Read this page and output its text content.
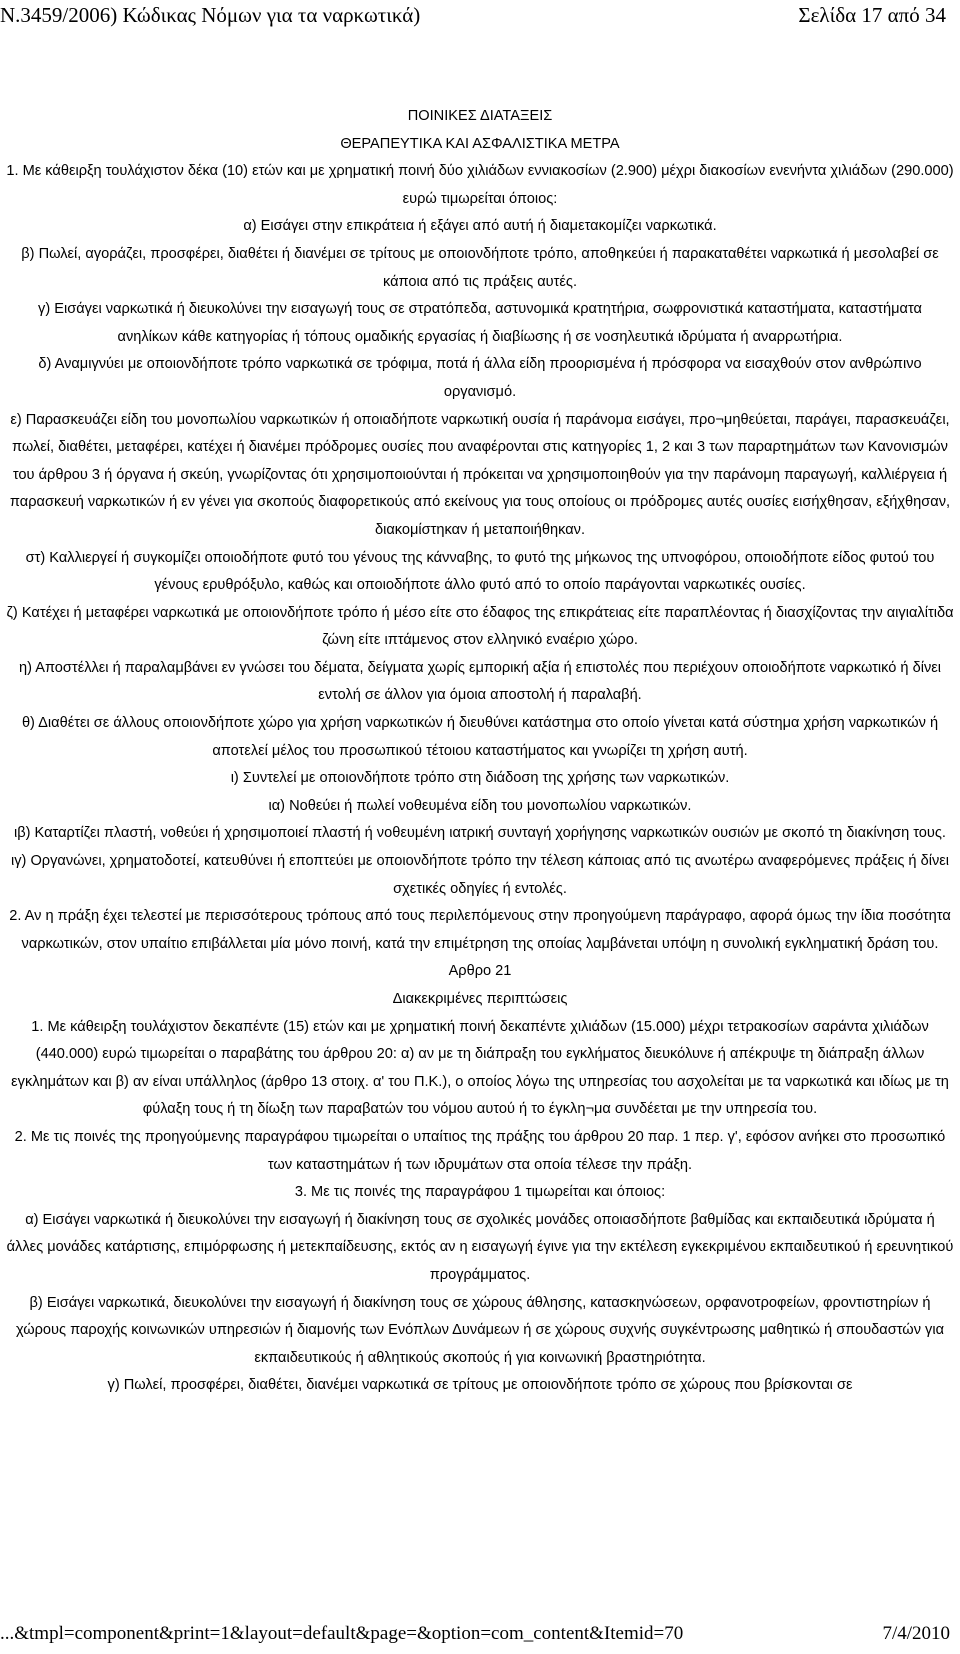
Ν.3459/2006) Κώδικας Νόμων για τα ναρκωτικά)	Σελίδα 17 από 34

ΠΟΙΝΙΚΕΣ ΔΙΑΤΑΞΕΙΣ

ΘΕΡΑΠΕΥΤΙΚΑ ΚΑΙ ΑΣΦΑΛΙΣΤΙΚΑ ΜΕΤΡΑ

1. Με κάθειρξη τουλάχιστον δέκα (10) ετών και με χρηματική ποινή δύο χιλιάδων εννιακοσίων (2.900) μέχρι διακοσίων ενενήντα χιλιάδων (290.000) ευρώ τιμωρείται όποιος:

α) Εισάγει στην επικράτεια ή εξάγει από αυτή ή διαμετακομίζει ναρκωτικά.

β) Πωλεί, αγοράζει, προσφέρει, διαθέτει ή διανέμει σε τρίτους με οποιονδήποτε τρόπο, αποθηκεύει ή παρακαταθέτει ναρκωτικά ή μεσολαβεί σε κάποια από τις πράξεις αυτές.

γ) Εισάγει ναρκωτικά ή διευκολύνει την εισαγωγή τους σε στρατόπεδα, αστυνομικά κρατητήρια, σωφρονιστικά καταστήματα, καταστήματα ανηλίκων κάθε κατηγορίας ή τόπους ομαδικής εργασίας ή διαβίωσης ή σε νοσηλευτικά ιδρύματα ή αναρρωτήρια.

δ) Αναμιγνύει με οποιονδήποτε τρόπο ναρκωτικά σε τρόφιμα, ποτά ή άλλα είδη προορισμένα ή πρόσφορα να εισαχθούν στον ανθρώπινο οργανισμό.

ε) Παρασκευάζει είδη του μονοπωλίου ναρκωτικών ή οποιαδήποτε ναρκωτική ουσία ή παράνομα εισάγει, προ¬μηθεύεται, παράγει, παρασκευάζει, πωλεί, διαθέτει, μεταφέρει, κατέχει ή διανέμει πρόδρομες ουσίες που αναφέρονται στις κατηγορίες 1, 2 και 3 των παραρτημάτων των Κανονισμών του άρθρου 3 ή όργανα ή σκεύη, γνωρίζοντας ότι χρησιμοποιούνται ή πρόκειται να χρησιμοποιηθούν για την παράνομη παραγωγή, καλλιέργεια ή παρασκευή ναρκωτικών ή εν γένει για σκοπούς διαφορετικούς από εκείνους για τους οποίους οι πρόδρομες αυτές ουσίες εισήχθησαν, εξήχθησαν, διακομίστηκαν ή μεταποιήθηκαν.

στ) Καλλιεργεί ή συγκομίζει οποιοδήποτε φυτό του γένους της κάνναβης, το φυτό της μήκωνος της υπνοφόρου, οποιοδήποτε είδος φυτού του γένους ερυθρόξυλο, καθώς και οποιοδήποτε άλλο φυτό από το οποίο παράγονται ναρκωτικές ουσίες.

ζ) Κατέχει ή μεταφέρει ναρκωτικά με οποιονδήποτε τρόπο ή μέσο είτε στο έδαφος της επικράτειας είτε παραπλέοντας ή διασχίζοντας την αιγιαλίτιδα ζώνη είτε ιπτάμενος στον ελληνικό εναέριο χώρο.

η) Αποστέλλει ή παραλαμβάνει εν γνώσει του δέματα, δείγματα χωρίς εμπορική αξία ή επιστολές που περιέχουν οποιοδήποτε ναρκωτικό ή δίνει εντολή σε άλλον για όμοια αποστολή ή παραλαβή.

θ) Διαθέτει σε άλλους οποιονδήποτε χώρο για χρήση ναρκωτικών ή διευθύνει κατάστημα στο οποίο γίνεται κατά σύστημα χρήση ναρκωτικών ή αποτελεί μέλος του προσωπικού τέτοιου καταστήματος και γνωρίζει τη χρήση αυτή.

ι) Συντελεί με οποιονδήποτε τρόπο στη διάδοση της χρήσης των ναρκωτικών.

ια) Νοθεύει ή πωλεί νοθευμένα είδη του μονοπωλίου ναρκωτικών.

ιβ) Καταρτίζει πλαστή, νοθεύει ή χρησιμοποιεί πλαστή ή νοθευμένη ιατρική συνταγή χορήγησης ναρκωτικών ουσιών με σκοπό τη διακίνηση τους.

ιγ) Οργανώνει, χρηματοδοτεί, κατευθύνει ή εποπτεύει με οποιονδήποτε τρόπο την τέλεση κάποιας από τις ανωτέρω αναφερόμενες πράξεις ή δίνει σχετικές οδηγίες ή εντολές.

2. Αν η πράξη έχει τελεστεί με περισσότερους τρόπους από τους περιλεπόμενους στην προηγούμενη παράγραφο, αφορά όμως την ίδια ποσότητα ναρκωτικών, στον υπαίτιο επιβάλλεται μία μόνο ποινή, κατά την επιμέτρηση της οποίας λαμβάνεται υπόψη η συνολική εγκληματική δράση του.

Αρθρο 21

Διακεκριμένες περιπτώσεις

1. Με κάθειρξη τουλάχιστον δεκαπέντε (15) ετών και με χρηματική ποινή δεκαπέντε χιλιάδων (15.000) μέχρι τετρακοσίων σαράντα χιλιάδων (440.000) ευρώ τιμωρείται ο παραβάτης του άρθρου 20: α) αν με τη διάπραξη του εγκλήματος διευκόλυνε ή απέκρυψε τη διάπραξη άλλων εγκλημάτων και β) αν είναι υπάλληλος (άρθρο 13 στοιχ. α' του Π.Κ.), ο οποίος λόγω της υπηρεσίας του ασχολείται με τα ναρκωτικά και ιδίως με τη φύλαξη τους ή τη δίωξη των παραβατών του νόμου αυτού ή το έγκλη¬μα συνδέεται με την υπηρεσία του.

2. Με τις ποινές της προηγούμενης παραγράφου τιμωρείται ο υπαίτιος της πράξης του άρθρου 20 παρ. 1 περ. γ', εφόσον ανήκει στο προσωπικό των καταστημάτων ή των ιδρυμάτων στα οποία τέλεσε την πράξη.

3. Με τις ποινές της παραγράφου 1 τιμωρείται και όποιος:

α) Εισάγει ναρκωτικά ή διευκολύνει την εισαγωγή ή διακίνηση τους σε σχολικές μονάδες οποιασδήποτε βαθμίδας και εκπαιδευτικά ιδρύματα ή άλλες μονάδες κατάρτισης, επιμόρφωσης ή μετεκπαίδευσης, εκτός αν η εισαγωγή έγινε για την εκτέλεση εγκεκριμένου εκπαιδευτικού ή ερευνητικού προγράμματος.

β) Εισάγει ναρκωτικά, διευκολύνει την εισαγωγή ή διακίνηση τους σε χώρους άθλησης, κατασκηνώσεων, ορφανοτροφείων, φροντιστηρίων ή χώρους παροχής κοινωνικών υπηρεσιών ή διαμονής των Ενόπλων Δυνάμεων ή σε χώρους συχνής συγκέντρωσης μαθητικώ ή σπουδαστών για εκπαιδευτικούς ή αθλητικούς σκοπούς ή για κοινωνική βραστηριότητα.

γ) Πωλεί, προσφέρει, διαθέτει, διανέμει ναρκωτικά σε τρίτους με οποιονδήποτε τρόπο σε χώρους που βρίσκονται σε

...&tmpl=component&print=1&layout=default&page=&option=com_content&Itemid=70	7/4/2010
